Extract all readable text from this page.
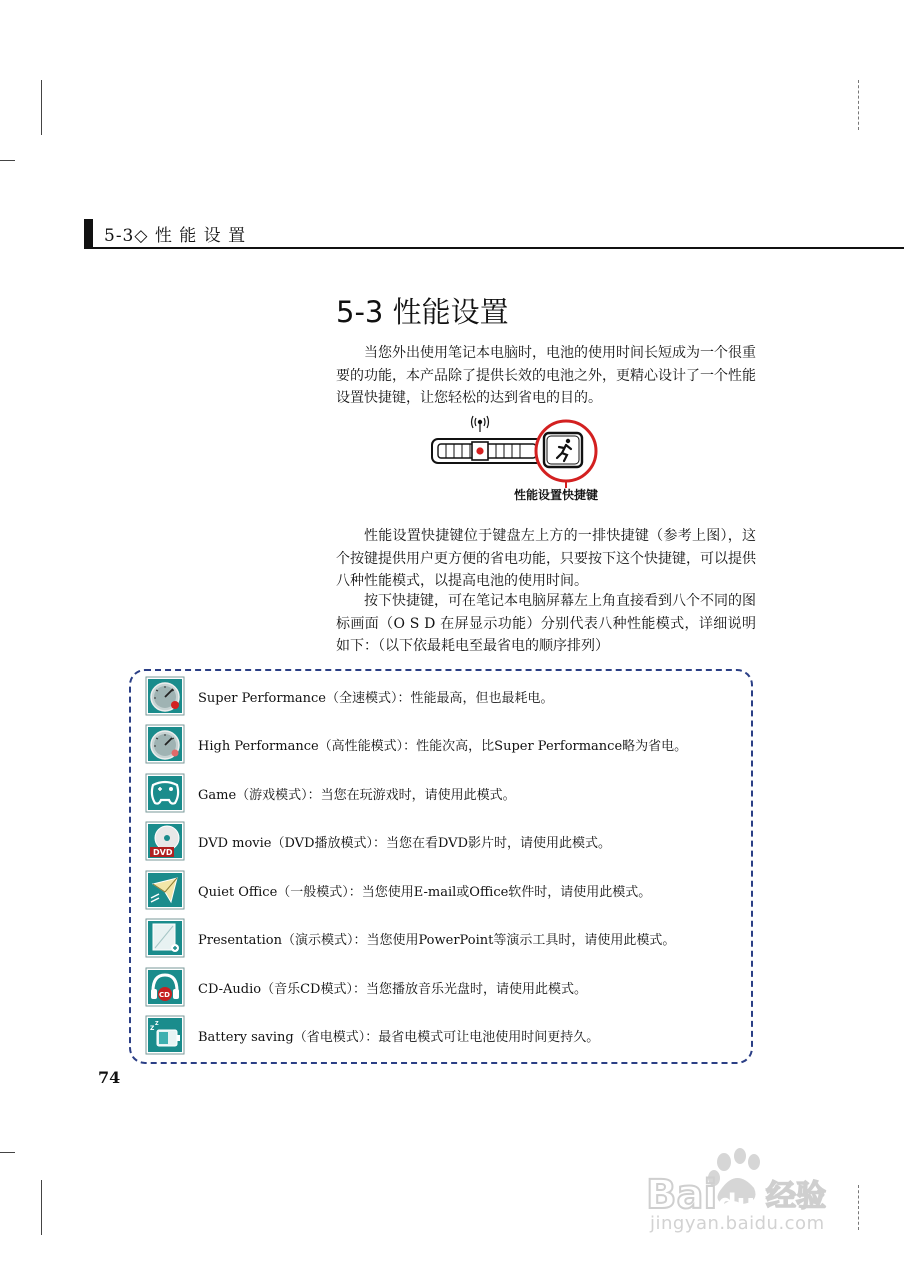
5-3◇ 性 能 设 置
5-3 性能设置
当您外出使用笔记本电脑时，电池的使用时间长短成为一个很重要的功能，本产品除了提供长效的电池之外，更精心设计了一个性能设置快捷键，让您轻松的达到省电的目的。
性能设置快捷键
性能设置快捷键位于键盘左上方的一排快捷键（参考上图），这个按键提供用户更方便的省电功能，只要按下这个快捷键，可以提供八种性能模式，以提高电池的使用时间。
按下快捷键，可在笔记本电脑屏幕左上角直接看到八个不同的图标画面（O S D 在屏显示功能）分别代表八种性能模式，详细说明如下：（以下依最耗电至最省电的顺序排列）
Super Performance（全速模式）：性能最高，但也最耗电。
High Performance（高性能模式）：性能次高，比Super Performance略为省电。
Game（游戏模式）：当您在玩游戏时，请使用此模式。
DVD
DVD movie（DVD播放模式）：当您在看DVD影片时，请使用此模式。
Quiet Office（一般模式）：当您使用E-mail或Office软件时，请使用此模式。
Presentation（演示模式）：当您使用PowerPoint等演示工具时，请使用此模式。
CD CD-Audio（音乐CD模式）：当您播放音乐光盘时，请使用此模式。
Z
Z
Battery saving（省电模式）：最省电模式可让电池使用时间更持久。
74
Bai du 经验
jingyan.baidu.com
